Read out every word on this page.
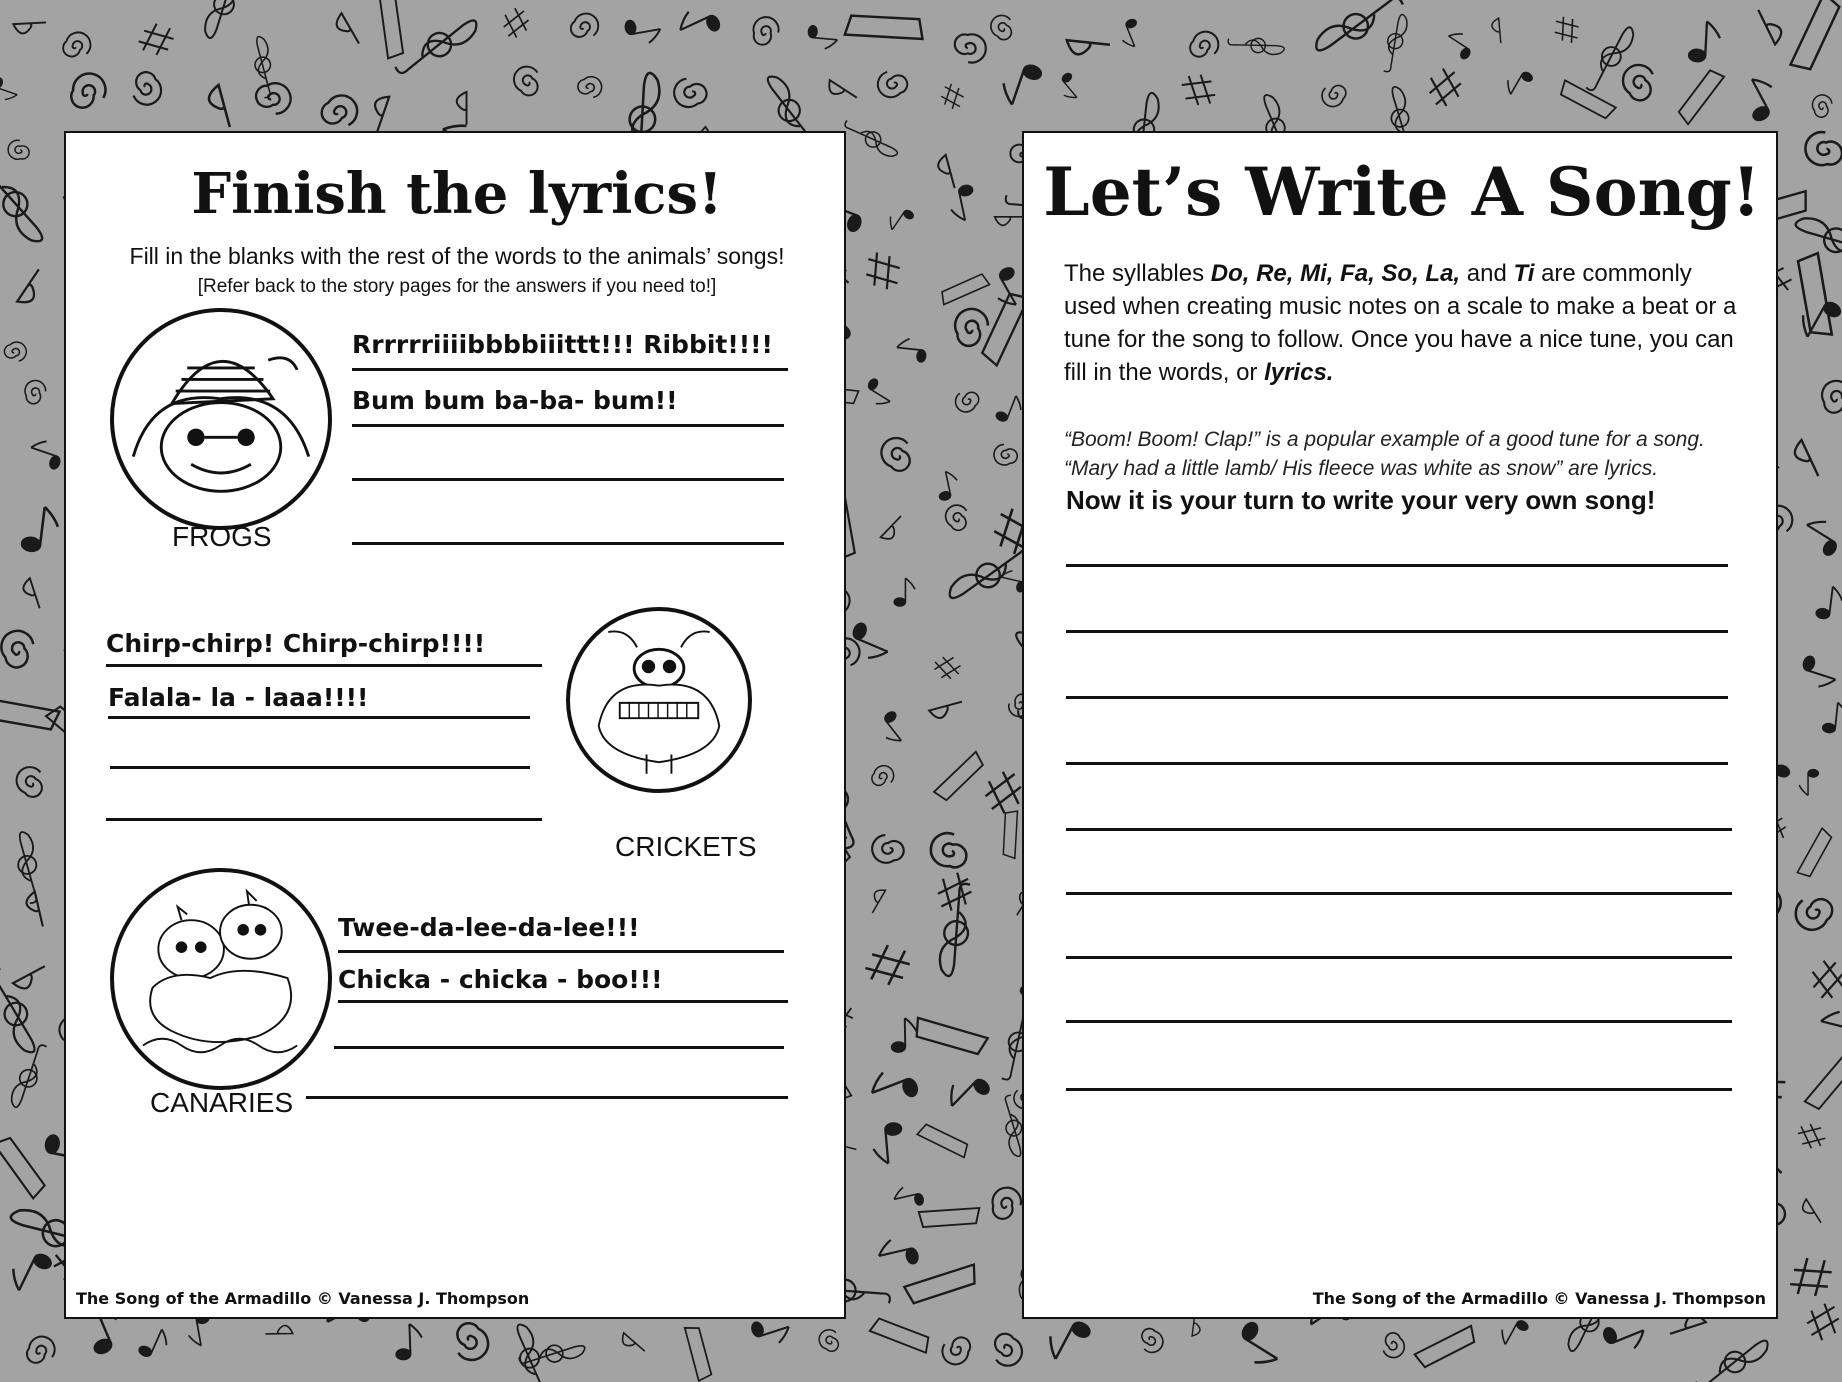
Finish the lyrics!
Fill in the blanks with the rest of the words to the animals’ songs!
[Refer back to the story pages for the answers if you need to!]
FROGS
Rrrrrriiiibbbbiiittt!!! Ribbit!!!!
Bum bum ba-ba- bum!!
Chirp-chirp! Chirp-chirp!!!!
Falala- la - laaa!!!!
CRICKETS
CANARIES
Twee-da-lee-da-lee!!!
Chicka - chicka - boo!!!
The Song of the Armadillo © Vanessa J. Thompson
Let’s Write A Song!

The syllables Do, Re, Mi, Fa, So, La, and Ti are commonly used when creating music notes on a scale to make a beat or a tune for the song to follow. Once you have a nice tune, you can fill in the words, or lyrics.

“Boom! Boom! Clap!” is a popular example of a good tune for a song.
“Mary had a little lamb/ His fleece was white as snow” are lyrics.
Now it is your turn to write your very own song!
The Song of the Armadillo © Vanessa J. Thompson
